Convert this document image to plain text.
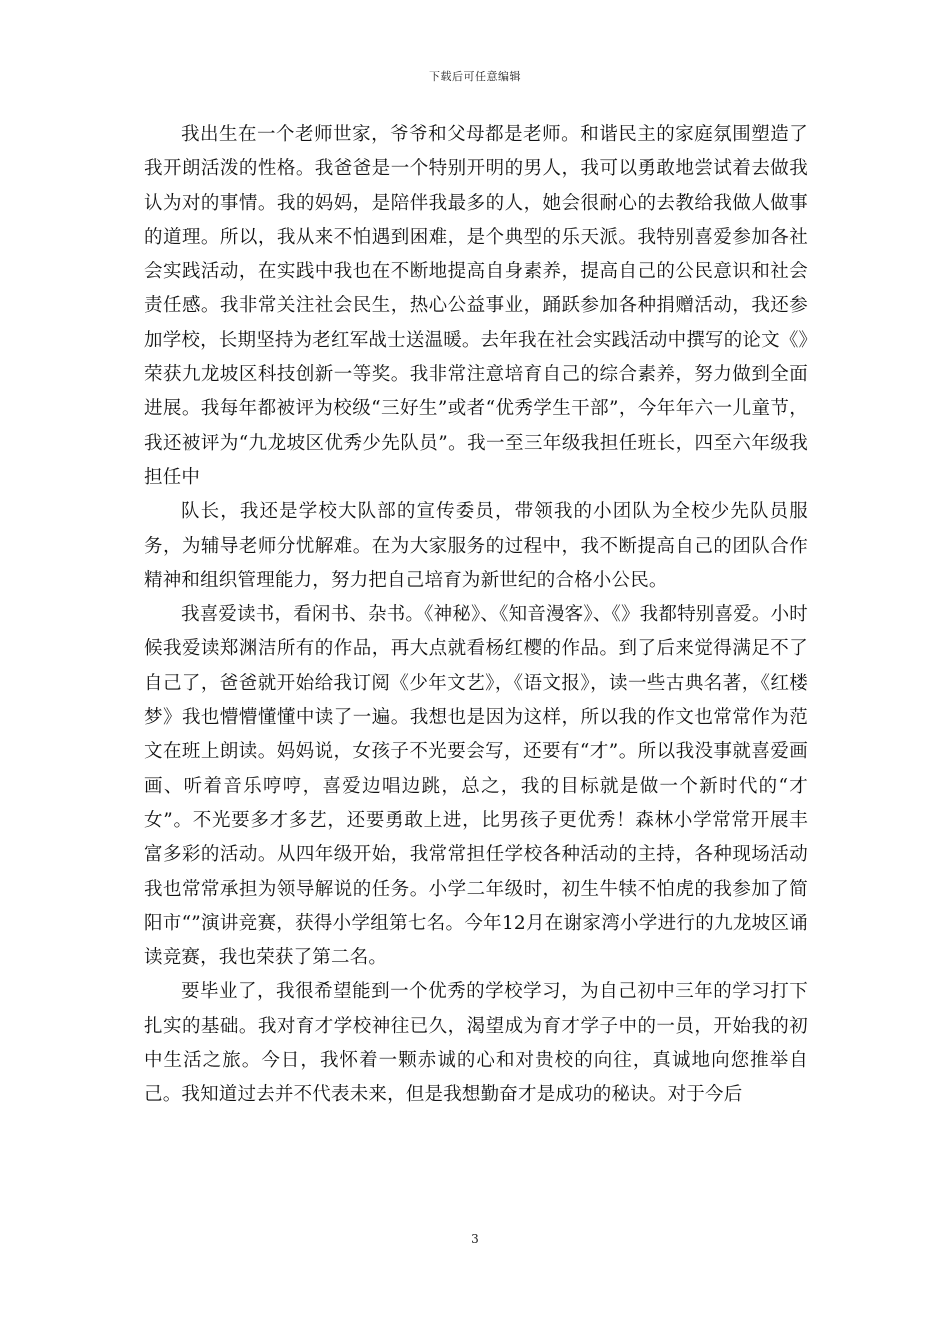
下载后可任意编辑

我出生在一个老师世家，爷爷和父母都是老师。和谐民主的家庭氛围塑造了我开朗活泼的性格。我爸爸是一个特别开明的男人，我可以勇敢地尝试着去做我认为对的事情。我的妈妈，是陪伴我最多的人，她会很耐心的去教给我做人做事的道理。所以，我从来不怕遇到困难，是个典型的乐天派。我特别喜爱参加各社会实践活动，在实践中我也在不断地提高自身素养，提高自己的公民意识和社会责任感。我非常关注社会民生，热心公益事业，踊跃参加各种捐赠活动，我还参加学校，长期坚持为老红军战士送温暖。去年我在社会实践活动中撰写的论文《》荣获九龙坡区科技创新一等奖。我非常注意培育自己的综合素养，努力做到全面进展。我每年都被评为校级“三好生”或者“优秀学生干部”，今年年六一儿童节，我还被评为“九龙坡区优秀少先队员”。我一至三年级我担任班长，四至六年级我担任中

队长，我还是学校大队部的宣传委员，带领我的小团队为全校少先队员服务，为辅导老师分忧解难。在为大家服务的过程中，我不断提高自己的团队合作精神和组织管理能力，努力把自己培育为新世纪的合格小公民。

我喜爱读书，看闲书、杂书。《神秘》、《知音漫客》、《》我都特别喜爱。小时候我爱读郑渊洁所有的作品，再大点就看杨红樱的作品。到了后来觉得满足不了自己了，爸爸就开始给我订阅《少年文艺》，《语文报》，读一些古典名著，《红楼梦》我也懵懵懂懂中读了一遍。我想也是因为这样，所以我的作文也常常作为范文在班上朗读。妈妈说，女孩子不光要会写，还要有“才”。所以我没事就喜爱画画、听着音乐哼哼，喜爱边唱边跳，总之，我的目标就是做一个新时代的“才女”。不光要多才多艺，还要勇敢上进，比男孩子更优秀！森林小学常常开展丰富多彩的活动。从四年级开始，我常常担任学校各种活动的主持，各种现场活动我也常常承担为领导解说的任务。小学二年级时，初生牛犊不怕虎的我参加了简阳市“”演讲竞赛，获得小学组第七名。今年12月在谢家湾小学进行的九龙坡区诵读竞赛，我也荣获了第二名。

要毕业了，我很希望能到一个优秀的学校学习，为自己初中三年的学习打下扎实的基础。我对育才学校神往已久，渴望成为育才学子中的一员，开始我的初中生活之旅。今日，我怀着一颗赤诚的心和对贵校的向往，真诚地向您推举自己。我知道过去并不代表未来，但是我想勤奋才是成功的秘诀。对于今后

3
